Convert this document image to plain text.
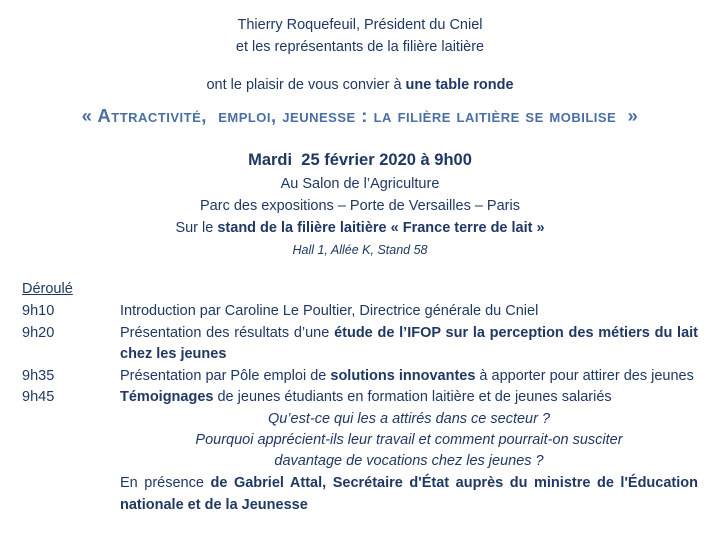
Thierry Roquefeuil, Président du Cniel
et les représentants de la filière laitière
ont le plaisir de vous convier à une table ronde
« Attractivité,  emploi, jeunesse : la filière laitière se mobilise  »
Mardi  25 février 2020 à 9h00
Au Salon de l’Agriculture
Parc des expositions – Porte de Versailles – Paris
Sur le stand de la filière laitière « France terre de lait »
Hall 1, Allée K, Stand 58
Déroulé
9h10	Introduction par Caroline Le Poultier, Directrice générale du Cniel
9h20	Présentation des résultats d’une étude de l’IFOP sur la perception des métiers du lait chez les jeunes
9h35	Présentation par Pôle emploi de solutions innovantes à apporter pour attirer des jeunes
9h45	Témoignages de jeunes étudiants en formation laitière et de jeunes salariés
Qu’est-ce qui les a attirés dans ce secteur ?
Pourquoi apprécient-ils leur travail et comment pourrait-on susciter
davantage de vocations chez les jeunes ?
En présence de Gabriel Attal, Secrétaire d'État auprès du ministre de l'Éducation nationale et de la Jeunesse
